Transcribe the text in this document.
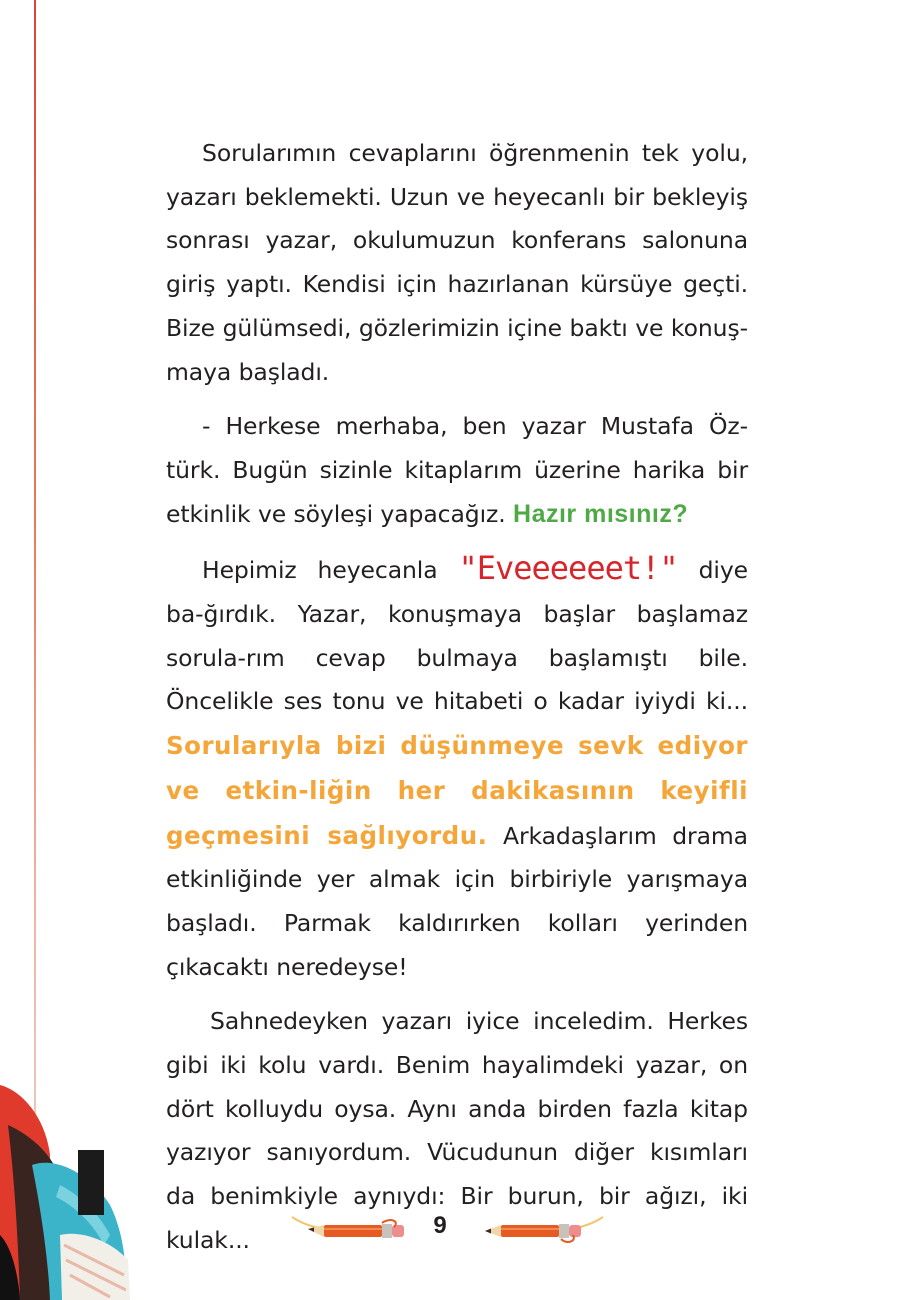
Sorularımın cevaplarını öğrenmenin tek yolu, yazarı beklemekti. Uzun ve heyecanlı bir bekleyiş sonrası yazar, okulumuzun konferans salonuna giriş yaptı. Kendisi için hazırlanan kürsüye geçti. Bize gülümsedi, gözlerimizin içine baktı ve konuş-maya başladı.

- Herkese merhaba, ben yazar Mustafa Öz-türk. Bugün sizinle kitaplarım üzerine harika bir etkinlik ve söyleşi yapacağız. Hazır mısınız?

Hepimiz heyecanla "Eveeeeeet!" diye ba-ğırdık. Yazar, konuşmaya başlar başlamaz sorula-rım cevap bulmaya başlamıştı bile. Öncelikle ses tonu ve hitabeti o kadar iyiydi ki... Sorularıyla bizi düşünmeye sevk ediyor ve etkin-liğin her dakikasının keyifli geçmesini sağlıyordu. Arkadaşlarım drama etkinliğinde yer almak için birbiriyle yarışmaya başladı. Parmak kaldırırken kolları yerinden çıkacaktı neredeyse!

Sahnedeyken yazarı iyice inceledim. Herkes gibi iki kolu vardı. Benim hayalimdeki yazar, on dört kolluydu oysa. Aynı anda birden fazla kitap yazıyor sanıyordum. Vücudunun diğer kısımları da benimkiyle aynıydı: Bir burun, bir ağızı, iki kulak...

9
